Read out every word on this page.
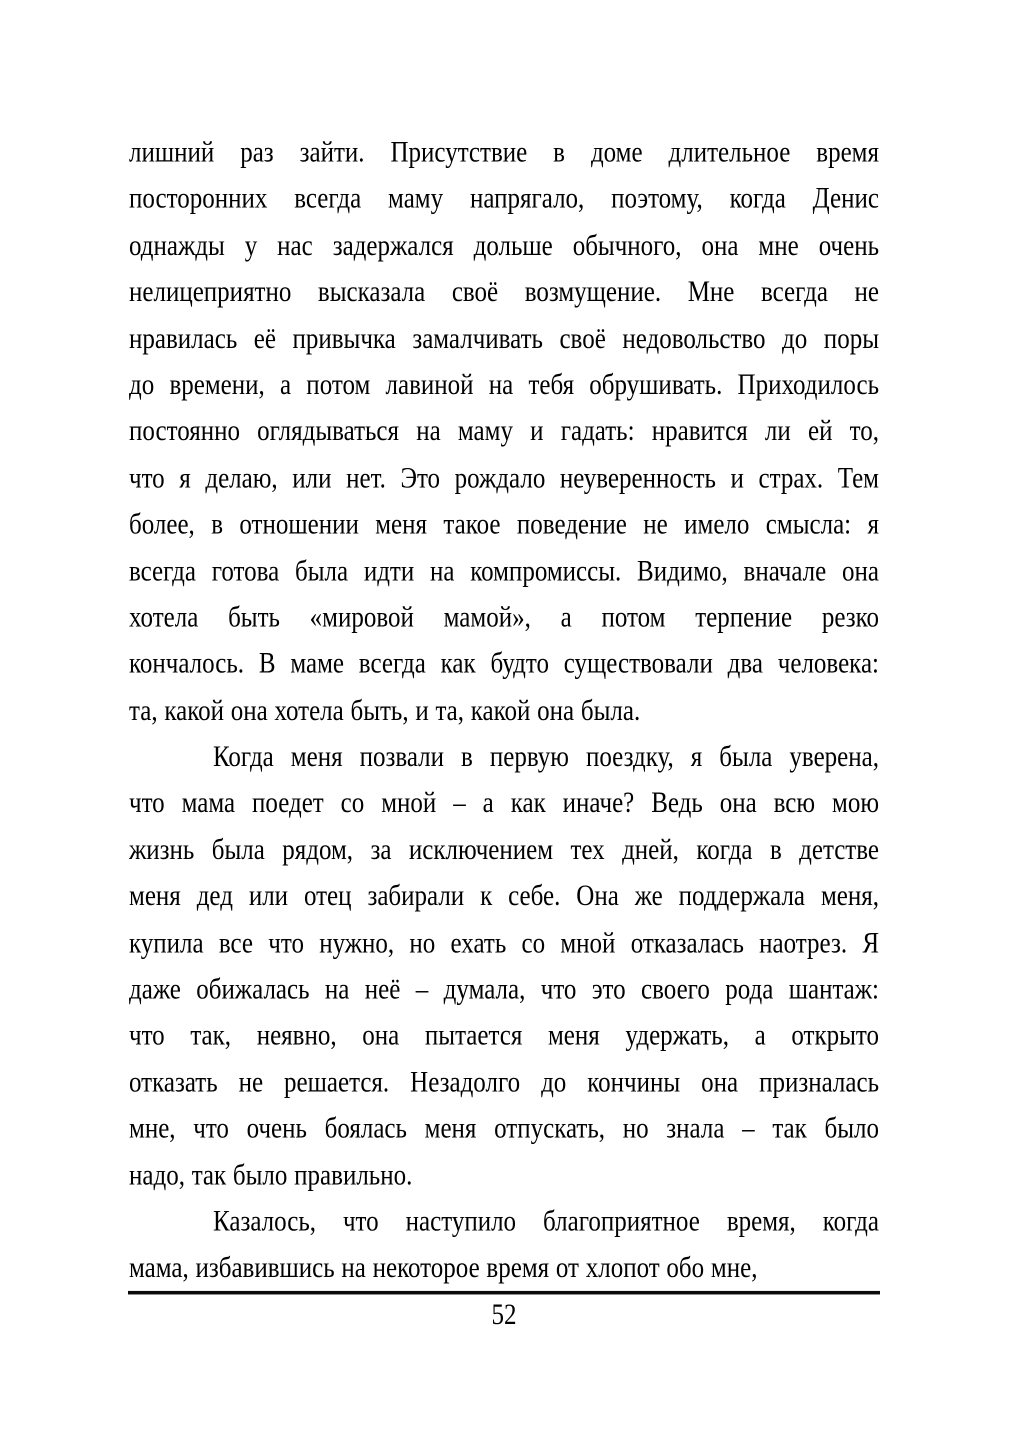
лишний раз зайти. Присутствие в доме длительное время
посторонних всегда маму напрягало, поэтому, когда Денис
однажды у нас задержался дольше обычного, она мне очень
нелицеприятно высказала своё возмущение. Мне всегда не
нравилась её привычка замалчивать своё недовольство до поры
до времени, а потом лавиной на тебя обрушивать. Приходилось
постоянно оглядываться на маму и гадать: нравится ли ей то,
что я делаю, или нет. Это рождало неуверенность и страх. Тем
более, в отношении меня такое поведение не имело смысла: я
всегда готова была идти на компромиссы. Видимо, вначале она
хотела быть «мировой мамой», а потом терпение резко
кончалось. В маме всегда как будто существовали два человека:
та, какой она хотела быть, и та, какой она была.
Когда меня позвали в первую поездку, я была уверена,
что мама поедет со мной – а как иначе? Ведь она всю мою
жизнь была рядом, за исключением тех дней, когда в детстве
меня дед или отец забирали к себе. Она же поддержала меня,
купила все что нужно, но ехать со мной отказалась наотрез. Я
даже обижалась на неё – думала, что это своего рода шантаж:
что так, неявно, она пытается меня удержать, а открыто
отказать не решается. Незадолго до кончины она призналась
мне, что очень боялась меня отпускать, но знала – так было
надо, так было правильно.
Казалось, что наступило благоприятное время, когда
мама, избавившись на некоторое время от хлопот обо мне,
52
